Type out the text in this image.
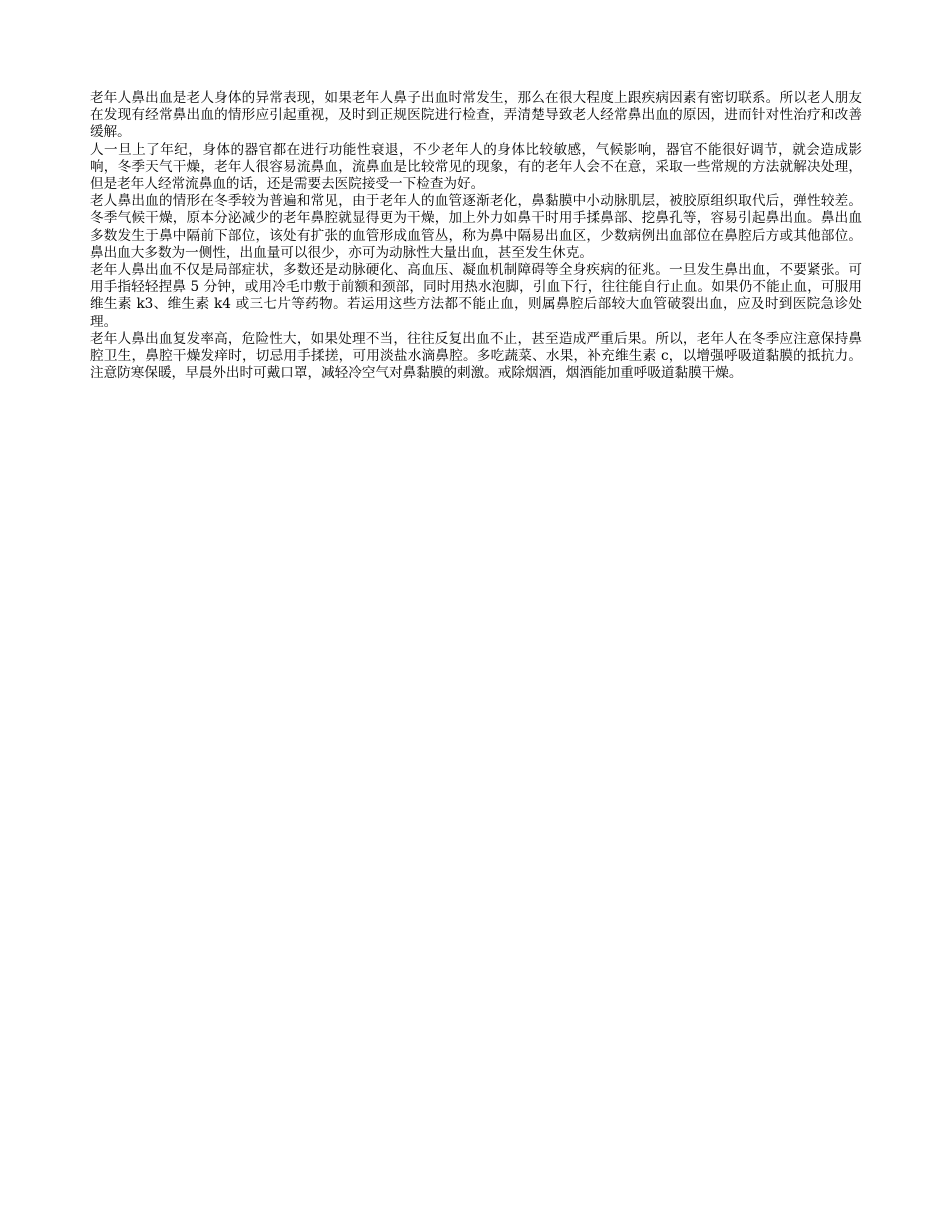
老年人鼻出血是老人身体的异常表现，如果老年人鼻子出血时常发生，那么在很大程度上跟疾病因素有密切联系。所以老人朋友在发现有经常鼻出血的情形应引起重视，及时到正规医院进行检查，弄清楚导致老人经常鼻出血的原因，进而针对性治疗和改善缓解。

人一旦上了年纪，身体的器官都在进行功能性衰退，不少老年人的身体比较敏感，气候影响，器官不能很好调节，就会造成影响，冬季天气干燥，老年人很容易流鼻血，流鼻血是比较常见的现象，有的老年人会不在意，采取一些常规的方法就解决处理，但是老年人经常流鼻血的话，还是需要去医院接受一下检查为好。

老人鼻出血的情形在冬季较为普遍和常见，由于老年人的血管逐渐老化，鼻黏膜中小动脉肌层，被胶原组织取代后，弹性较差。冬季气候干燥，原本分泌减少的老年鼻腔就显得更为干燥，加上外力如鼻干时用手揉鼻部、挖鼻孔等，容易引起鼻出血。鼻出血多数发生于鼻中隔前下部位，该处有扩张的血管形成血管丛，称为鼻中隔易出血区，少数病例出血部位在鼻腔后方或其他部位。鼻出血大多数为一侧性，出血量可以很少，亦可为动脉性大量出血，甚至发生休克。

老年人鼻出血不仅是局部症状，多数还是动脉硬化、高血压、凝血机制障碍等全身疾病的征兆。一旦发生鼻出血，不要紧张。可用手指轻轻捏鼻 5 分钟，或用冷毛巾敷于前额和颈部，同时用热水泡脚，引血下行，往往能自行止血。如果仍不能止血，可服用维生素 k3、维生素 k4 或三七片等药物。若运用这些方法都不能止血，则属鼻腔后部较大血管破裂出血，应及时到医院急诊处理。

老年人鼻出血复发率高，危险性大，如果处理不当，往往反复出血不止，甚至造成严重后果。所以，老年人在冬季应注意保持鼻腔卫生，鼻腔干燥发痒时，切忌用手揉搓，可用淡盐水滴鼻腔。多吃蔬菜、水果，补充维生素 c，以增强呼吸道黏膜的抵抗力。注意防寒保暖，早晨外出时可戴口罩，减轻冷空气对鼻黏膜的刺激。戒除烟酒，烟酒能加重呼吸道黏膜干燥。
